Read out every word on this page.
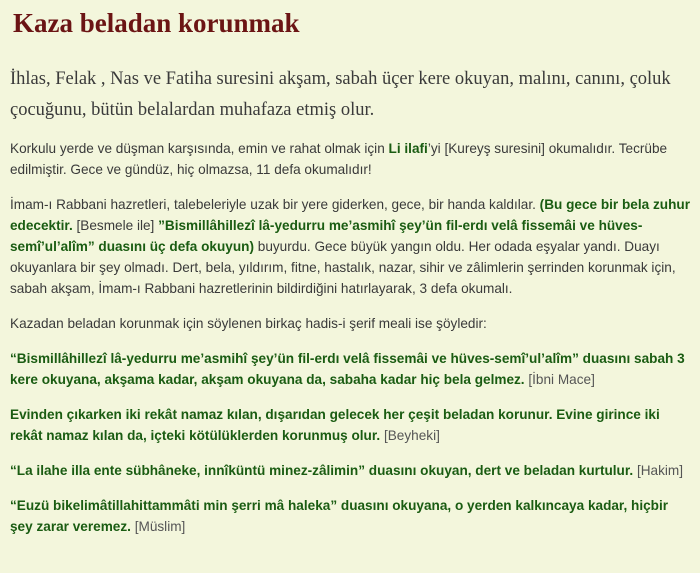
Kaza beladan korunmak

İhlas, Felak , Nas ve Fatiha suresini akşam, sabah üçer kere okuyan, malını, canını, çoluk çocuğunu, bütün belalardan muhafaza etmiş olur.

Korkulu yerde ve düşman karşısında, emin ve rahat olmak için Li ilafi’yi [Kureyş suresini] okumalıdır. Tecrübe edilmiştir. Gece ve gündüz, hiç olmazsa, 11 defa okumalıdır!

İmam-ı Rabbani hazretleri, talebeleriyle uzak bir yere giderken, gece, bir handa kaldılar. (Bu gece bir bela zuhur edecektir. [Besmele ile] ”Bismillâhillezî lâ-yedurru me’asmihî şey’ün fil-erdı velâ fissemâi ve hüves-semî’ul’alîm” duasını üç defa okuyun) buyurdu. Gece büyük yangın oldu. Her odada eşyalar yandı. Duayı okuyanlara bir şey olmadı. Dert, bela, yıldırım, fitne, hastalık, nazar, sihir ve zâlimlerin şerrinden korunmak için, sabah akşam, İmam-ı Rabbani hazretlerinin bildirdiğini hatırlayarak, 3 defa okumalı.

Kazadan beladan korunmak için söylenen birkaç hadis-i şerif meali ise şöyledir:

“Bismillâhillezî lâ-yedurru me’asmihî şey’ün fil-erdı velâ fissemâi ve hüves-semî’ul’alîm” duasını sabah 3 kere okuyana, akşama kadar, akşam okuyana da, sabaha kadar hiç bela gelmez. [İbni Mace]

Evinden çıkarken iki rekât namaz kılan, dışarıdan gelecek her çeşit beladan korunur. Evine girince iki rekât namaz kılan da, içteki kötülüklerden korunmuş olur. [Beyheki]

“La ilahe illa ente sübhâneke, innîküntü minez-zâlimin” duasını okuyan, dert ve beladan kurtulur. [Hakim]

“Euzü bikelimâtillahittammâti min şerri mâ haleka” duasını okuyana, o yerden kalkıncaya kadar, hiçbir şey zarar veremez. [Müslim]
